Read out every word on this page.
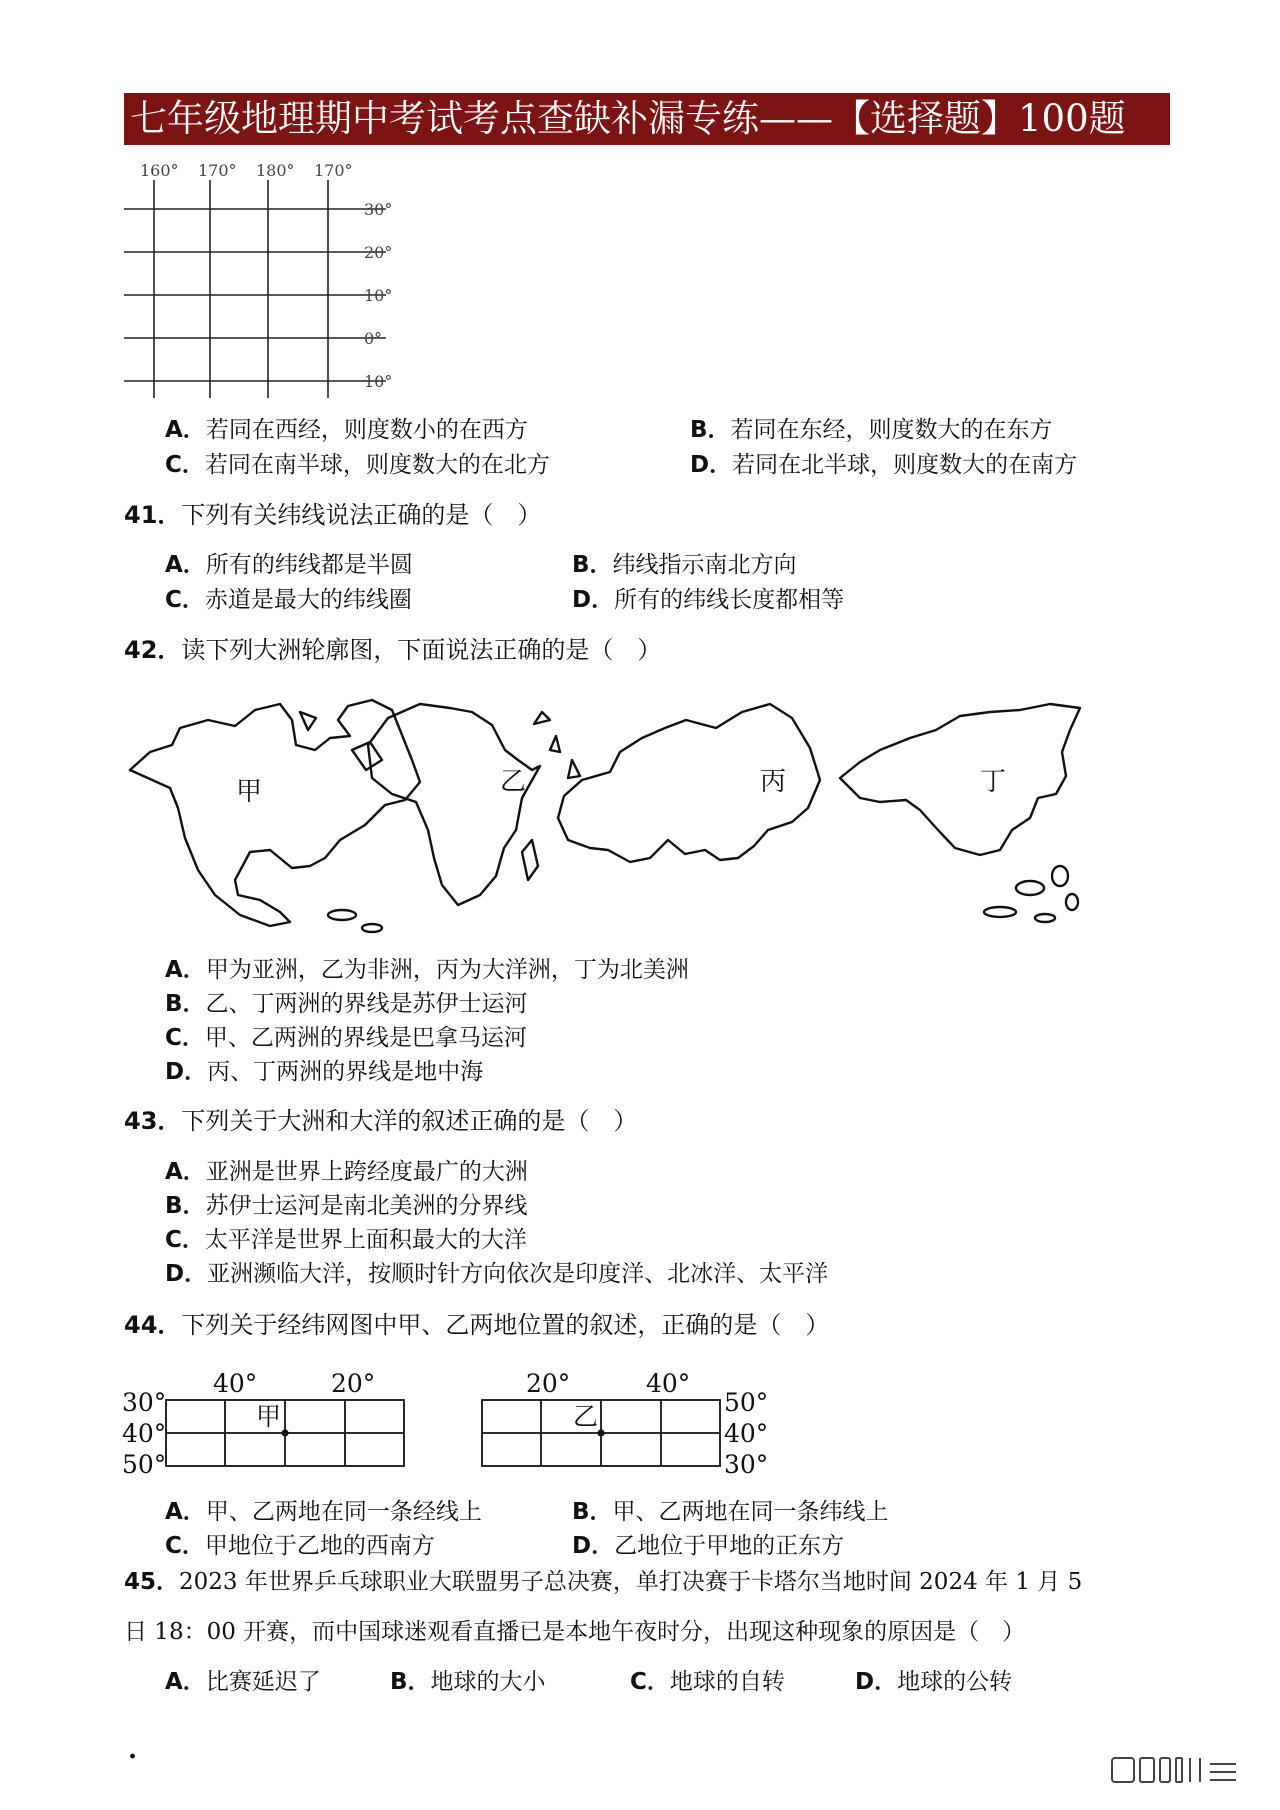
七年级地理期中考试考点查缺补漏专练——【选择题】100题
160° 170° 180° 170°
30°
20°
10°
0°
10°
A．若同在西经，则度数小的在西方	B．若同在东经，则度数大的在东方
C．若同在南半球，则度数大的在北方	D．若同在北半球，则度数大的在南方
41．下列有关纬线说法正确的是（　）
A．所有的纬线都是半圆	B．纬线指示南北方向
C．赤道是最大的纬线圈	D．所有的纬线长度都相等
42．读下列大洲轮廓图，下面说法正确的是（　）
甲	乙	丙	丁
A．甲为亚洲，乙为非洲，丙为大洋洲，丁为北美洲
B．乙、丁两洲的界线是苏伊士运河
C．甲、乙两洲的界线是巴拿马运河
D．丙、丁两洲的界线是地中海
43．下列关于大洲和大洋的叙述正确的是（　）
A．亚洲是世界上跨经度最广的大洲
B．苏伊士运河是南北美洲的分界线
C．太平洋是世界上面积最大的大洋
D．亚洲濒临大洋，按顺时针方向依次是印度洋、北冰洋、太平洋
44．下列关于经纬网图中甲、乙两地位置的叙述，正确的是（　）
40°	20°
30°
40°
50°
甲
20°	40°
50°
40°
30°
乙
A．甲、乙两地在同一条经线上	B．甲、乙两地在同一条纬线上
C．甲地位于乙地的西南方	D．乙地位于甲地的正东方
45．2023 年世界乒乓球职业大联盟男子总决赛，单打决赛于卡塔尔当地时间 2024 年 1 月 5
日 18：00 开赛，而中国球迷观看直播已是本地午夜时分，出现这种现象的原因是（　）
A．比赛延迟了	B．地球的大小	C．地球的自转	D．地球的公转
·
